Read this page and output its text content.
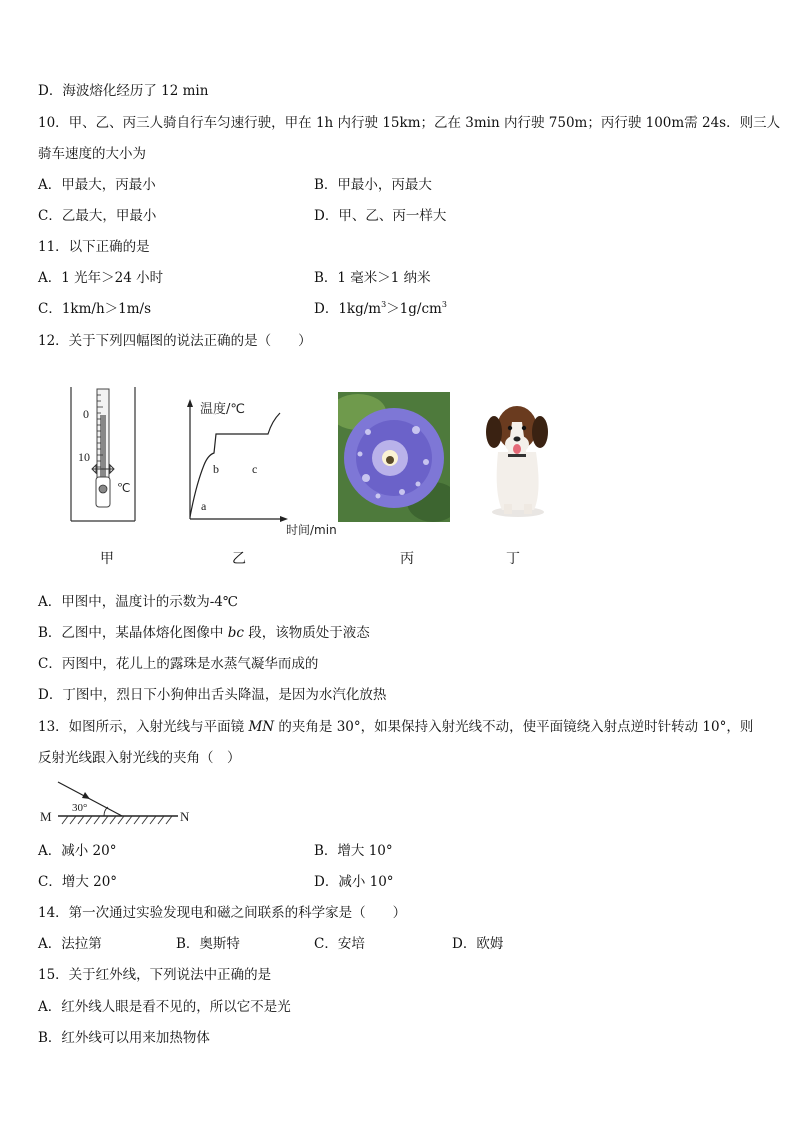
D．海波熔化经历了 12 min
10．甲、乙、丙三人骑自行车匀速行驶，甲在 1h 内行驶 15km；乙在 3min 内行驶 750m；丙行驶 100m需 24s．则三人
骑车速度的大小为
A．甲最大，丙最小	B．甲最小，丙最大
C．乙最大，甲最小	D．甲、乙、丙一样大
11．以下正确的是
A．1 光年＞24 小时	B．1 毫米＞1 纳米
C．1km/h＞1m/s	D．$1kg/m^3>1g/cm^3$
12．关于下列四幅图的说法正确的是（　　）
0
10
℃
甲
温度/℃
时间/min
a
b	c
乙	丙	丁
A．甲图中，温度计的示数为-4℃
B．乙图中，某晶体熔化图像中 bc 段，该物质处于液态
C．丙图中，花儿上的露珠是水蒸气凝华而成的
D．丁图中，烈日下小狗伸出舌头降温，是因为水汽化放热
13．如图所示，入射光线与平面镜 MN 的夹角是 30°，如果保持入射光线不动，使平面镜绕入射点逆时针转动 10°，则
反射光线跟入射光线的夹角（　）
M	N
30°
A．减小 20°	B．增大 10°
C．增大 20°	D．减小 10°
14．第一次通过实验发现电和磁之间联系的科学家是（　　）
A．法拉第	B．奥斯特	C．安培	D．欧姆
15．关于红外线，下列说法中正确的是
A．红外线人眼是看不见的，所以它不是光
B．红外线可以用来加热物体
